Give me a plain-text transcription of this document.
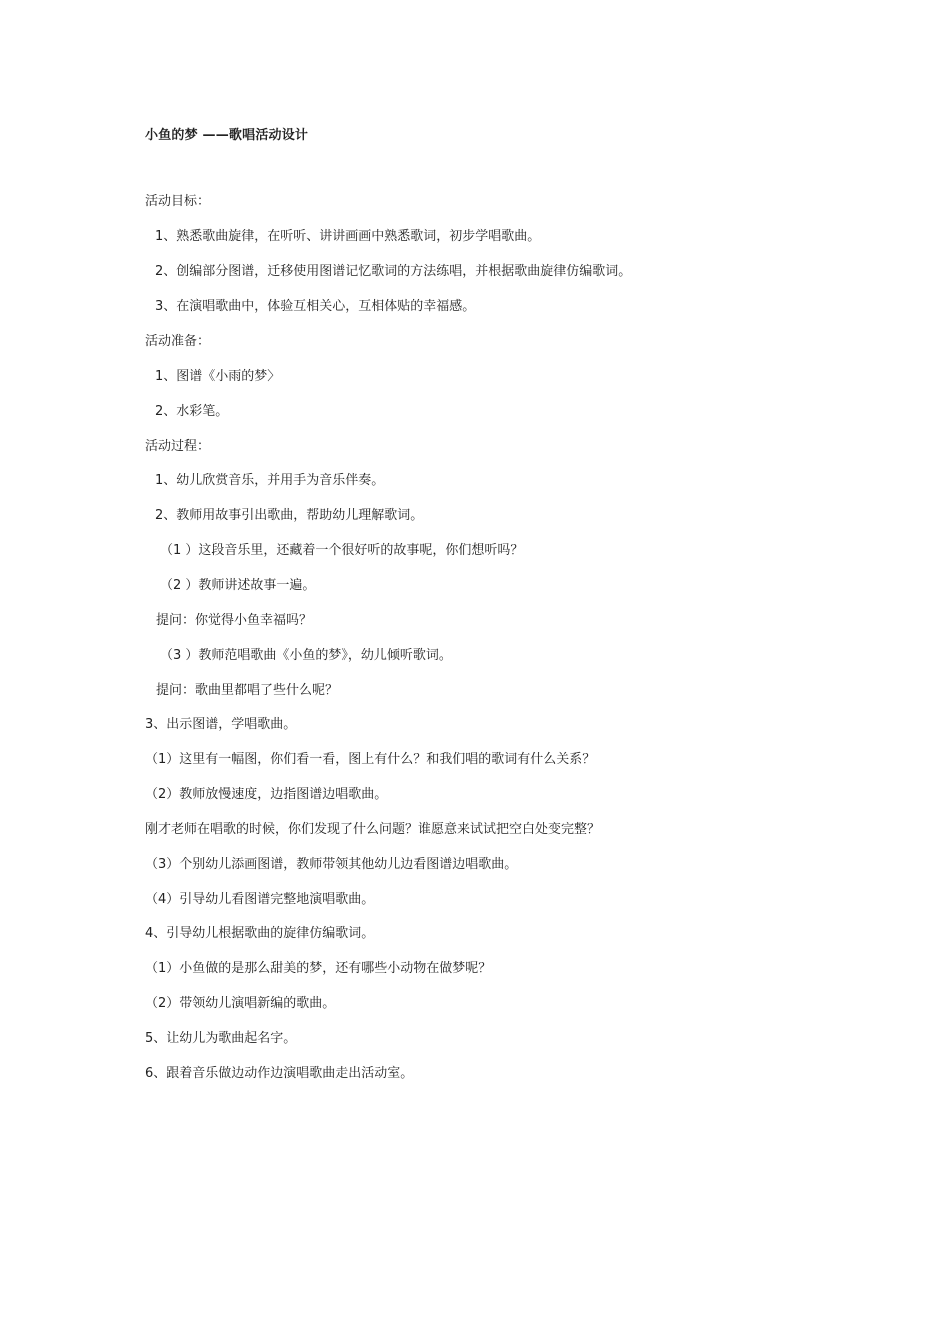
小鱼的梦 ——歌唱活动设计
活动目标：
1、熟悉歌曲旋律，在听听、讲讲画画中熟悉歌词，初步学唱歌曲。
2、创编部分图谱，迁移使用图谱记忆歌词的方法练唱，并根据歌曲旋律仿编歌词。
3、在演唱歌曲中，体验互相关心，互相体贴的幸福感。
活动准备：
1、图谱《小雨的梦〉
2、水彩笔。
活动过程：
1、幼儿欣赏音乐，并用手为音乐伴奏。
2、教师用故事引出歌曲，帮助幼儿理解歌词。
（1 ）这段音乐里，还藏着一个很好听的故事呢，你们想听吗？
（2 ）教师讲述故事一遍。
提问：你觉得小鱼幸福吗？
（3 ）教师范唱歌曲《小鱼的梦》，幼儿倾听歌词。
提问：歌曲里都唱了些什么呢？
3、出示图谱，学唱歌曲。
（1）这里有一幅图，你们看一看，图上有什么？和我们唱的歌词有什么关系？
（2）教师放慢速度，边指图谱边唱歌曲。
刚才老师在唱歌的时候，你们发现了什么问题？谁愿意来试试把空白处变完整？
（3）个别幼儿添画图谱，教师带领其他幼儿边看图谱边唱歌曲。
（4）引导幼儿看图谱完整地演唱歌曲。
4、引导幼儿根据歌曲的旋律仿编歌词。
（1）小鱼做的是那么甜美的梦，还有哪些小动物在做梦呢？
（2）带领幼儿演唱新编的歌曲。
5、让幼儿为歌曲起名字。
6、跟着音乐做边动作边演唱歌曲走出活动室。
